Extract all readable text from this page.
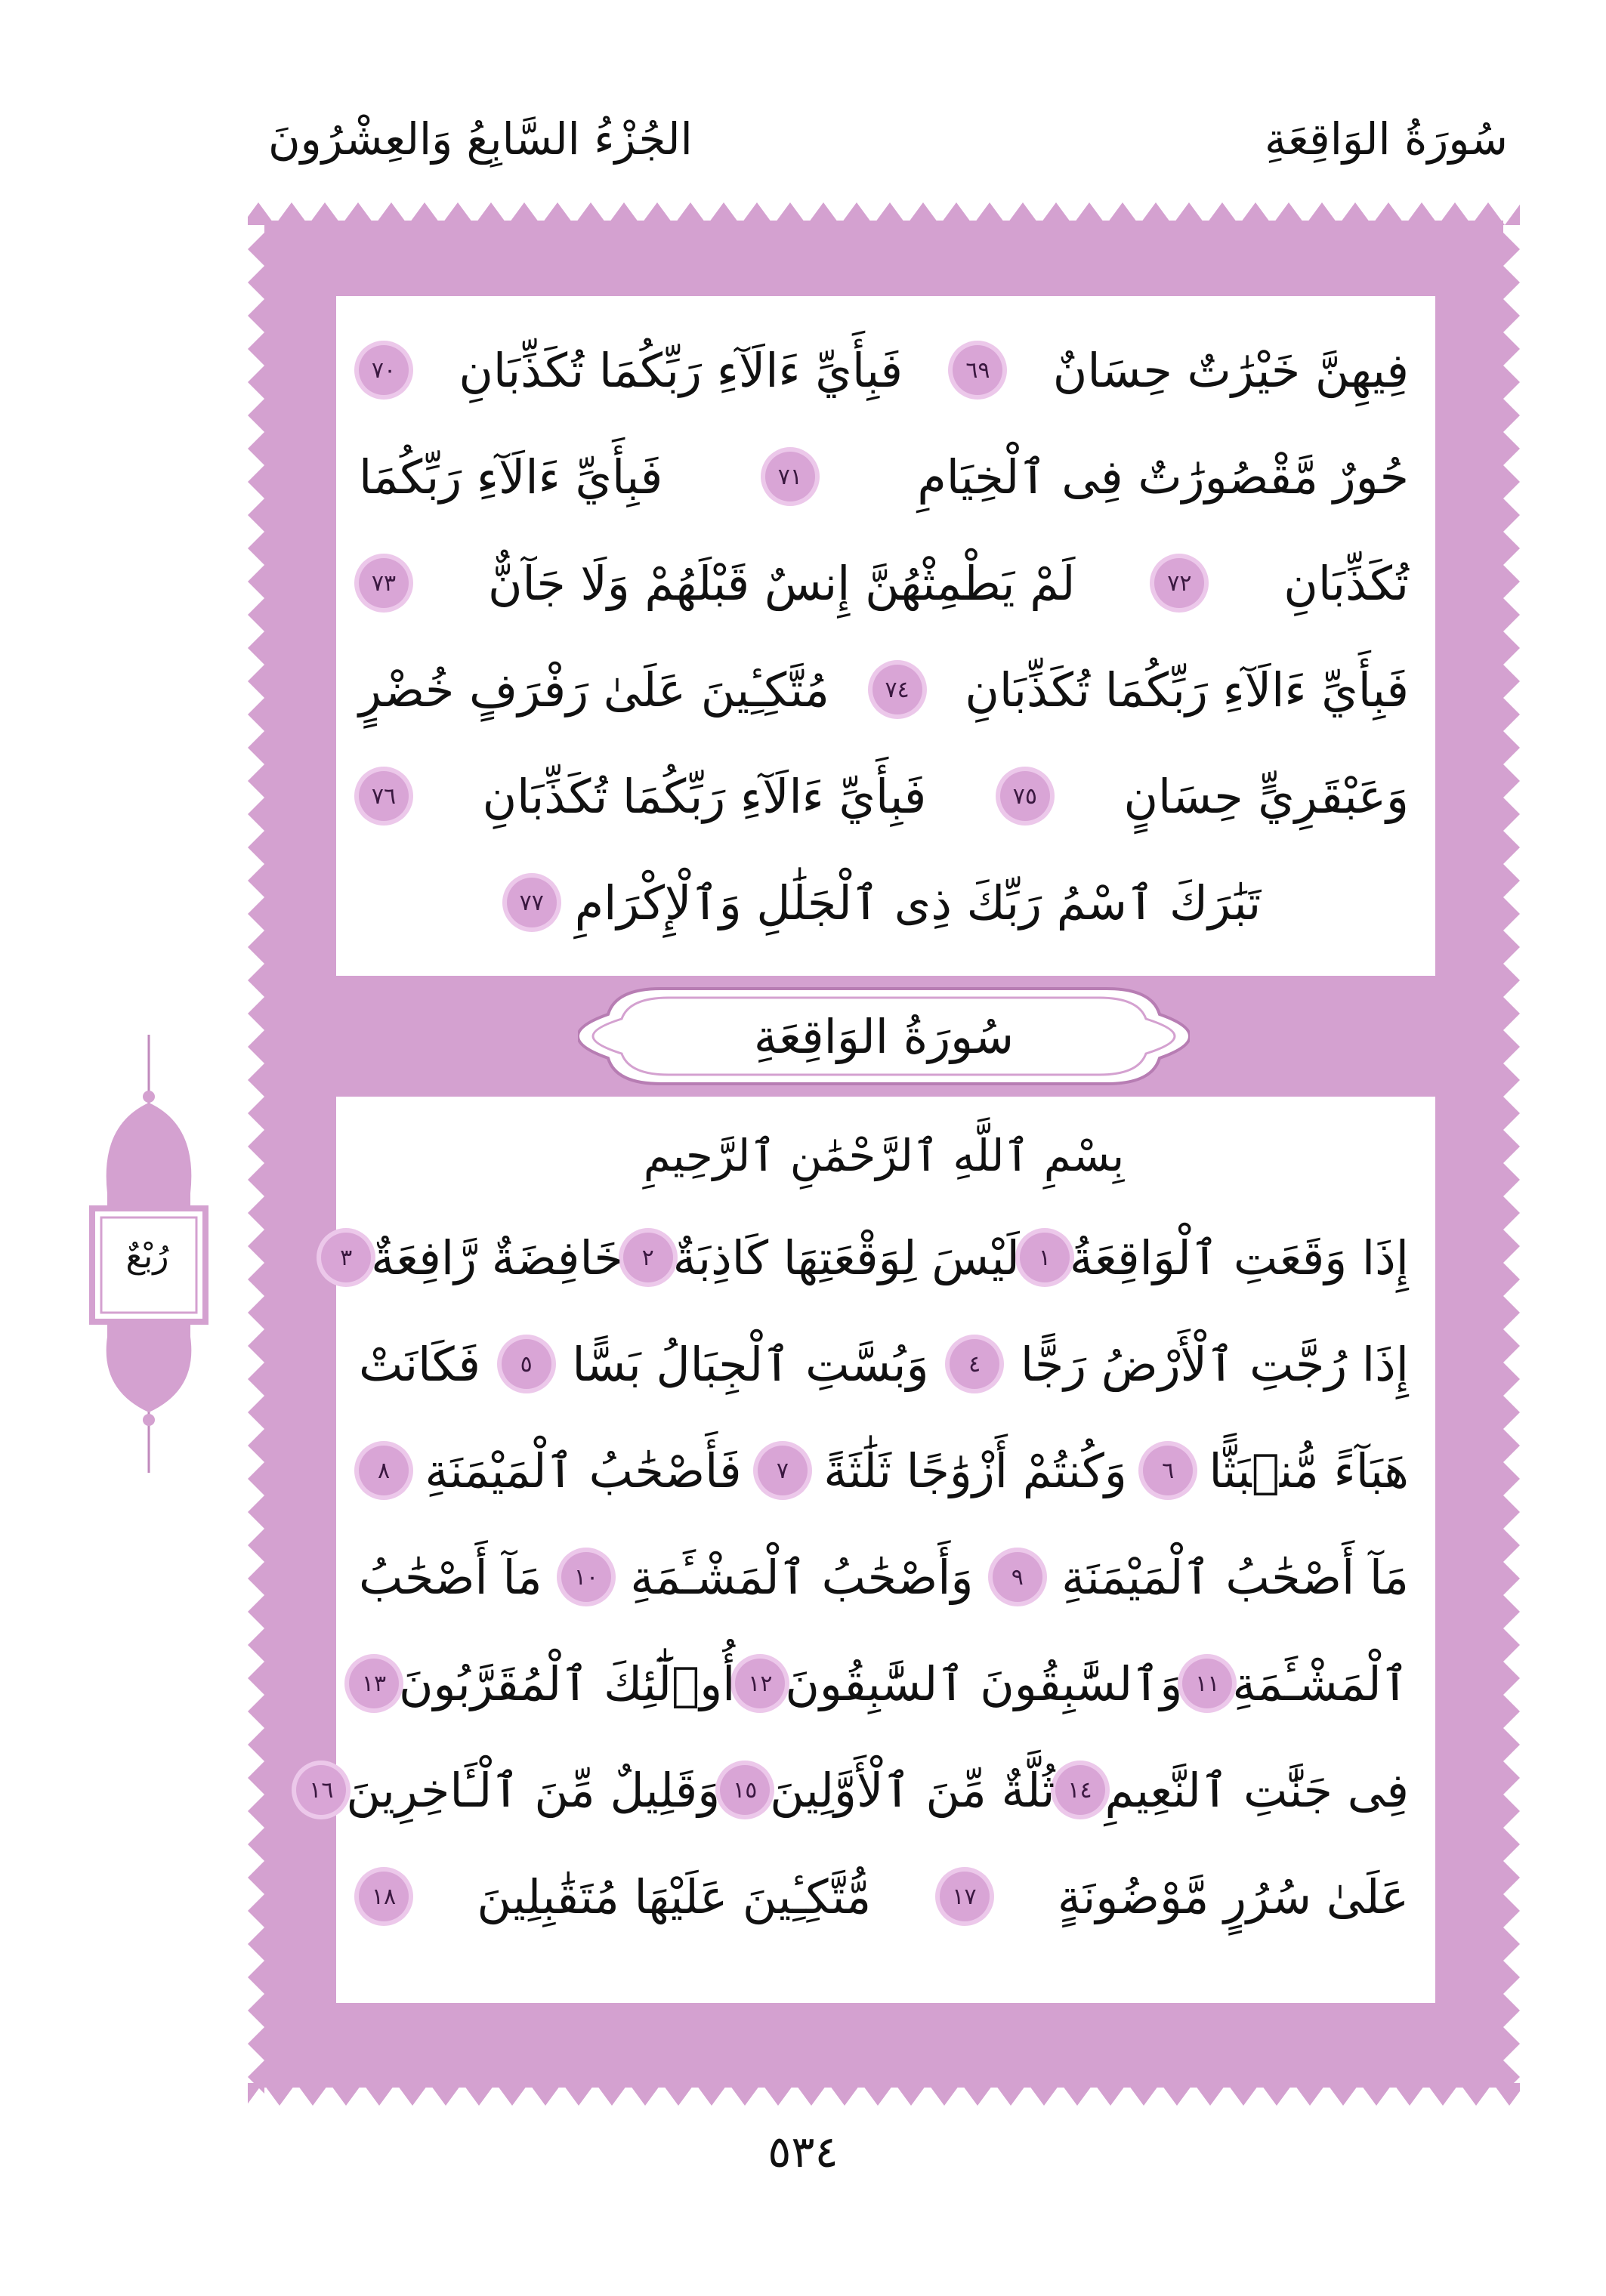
سُورَةُ الوَاقِعَةِ
الجُزْءُ السَّابِعُ وَالعِشْرُونَ
فِيهِنَّ خَيْرَٰتٌ حِسَانٌ
٦٩
فَبِأَيِّ ءَالَآءِ رَبِّكُمَا تُكَذِّبَانِ
٧٠
حُورٌ مَّقْصُورَٰتٌ فِى ٱلْخِيَامِ
٧١
فَبِأَيِّ ءَالَآءِ رَبِّكُمَا
تُكَذِّبَانِ
٧٢
لَمْ يَطْمِثْهُنَّ إِنسٌ قَبْلَهُمْ وَلَا جَآنٌّ
٧٣
فَبِأَيِّ ءَالَآءِ رَبِّكُمَا تُكَذِّبَانِ
٧٤
مُتَّكِـِٔينَ عَلَىٰ رَفْرَفٍ خُضْرٍ
وَعَبْقَرِيٍّ حِسَانٍ
٧٥
فَبِأَيِّ ءَالَآءِ رَبِّكُمَا تُكَذِّبَانِ
٧٦
تَبَٰرَكَ ٱسْمُ رَبِّكَ ذِى ٱلْجَلَٰلِ وَٱلْإِكْرَامِ
٧٧
سُورَةُ الوَاقِعَةِ
بِسْمِ ٱللَّهِ ٱلرَّحْمَٰنِ ٱلرَّحِيمِ
إِذَا وَقَعَتِ ٱلْوَاقِعَةُ
١
لَيْسَ لِوَقْعَتِهَا كَاذِبَةٌ
٢
خَافِضَةٌ رَّافِعَةٌ
٣
إِذَا رُجَّتِ ٱلْأَرْضُ رَجًّا
٤
وَبُسَّتِ ٱلْجِبَالُ بَسًّا
٥
فَكَانَتْ
هَبَآءً مُّنۢبَثًّا
٦
وَكُنتُمْ أَزْوَٰجًا ثَلَٰثَةً
٧
فَأَصْحَٰبُ ٱلْمَيْمَنَةِ
٨
مَآ أَصْحَٰبُ ٱلْمَيْمَنَةِ
٩
وَأَصْحَٰبُ ٱلْمَشْـَٔمَةِ
١٠
مَآ أَصْحَٰبُ
ٱلْمَشْـَٔمَةِ
١١
وَٱلسَّٰبِقُونَ ٱلسَّٰبِقُونَ
١٢
أُو۟لَٰٓئِكَ ٱلْمُقَرَّبُونَ
١٣
فِى جَنَّٰتِ ٱلنَّعِيمِ
١٤
ثُلَّةٌ مِّنَ ٱلْأَوَّلِينَ
١٥
وَقَلِيلٌ مِّنَ ٱلْـَٔاخِرِينَ
١٦
عَلَىٰ سُرُرٍ مَّوْضُونَةٍ
١٧
مُّتَّكِـِٔينَ عَلَيْهَا مُتَقَٰبِلِينَ
١٨
رُبْعٌ
٥٣٤
